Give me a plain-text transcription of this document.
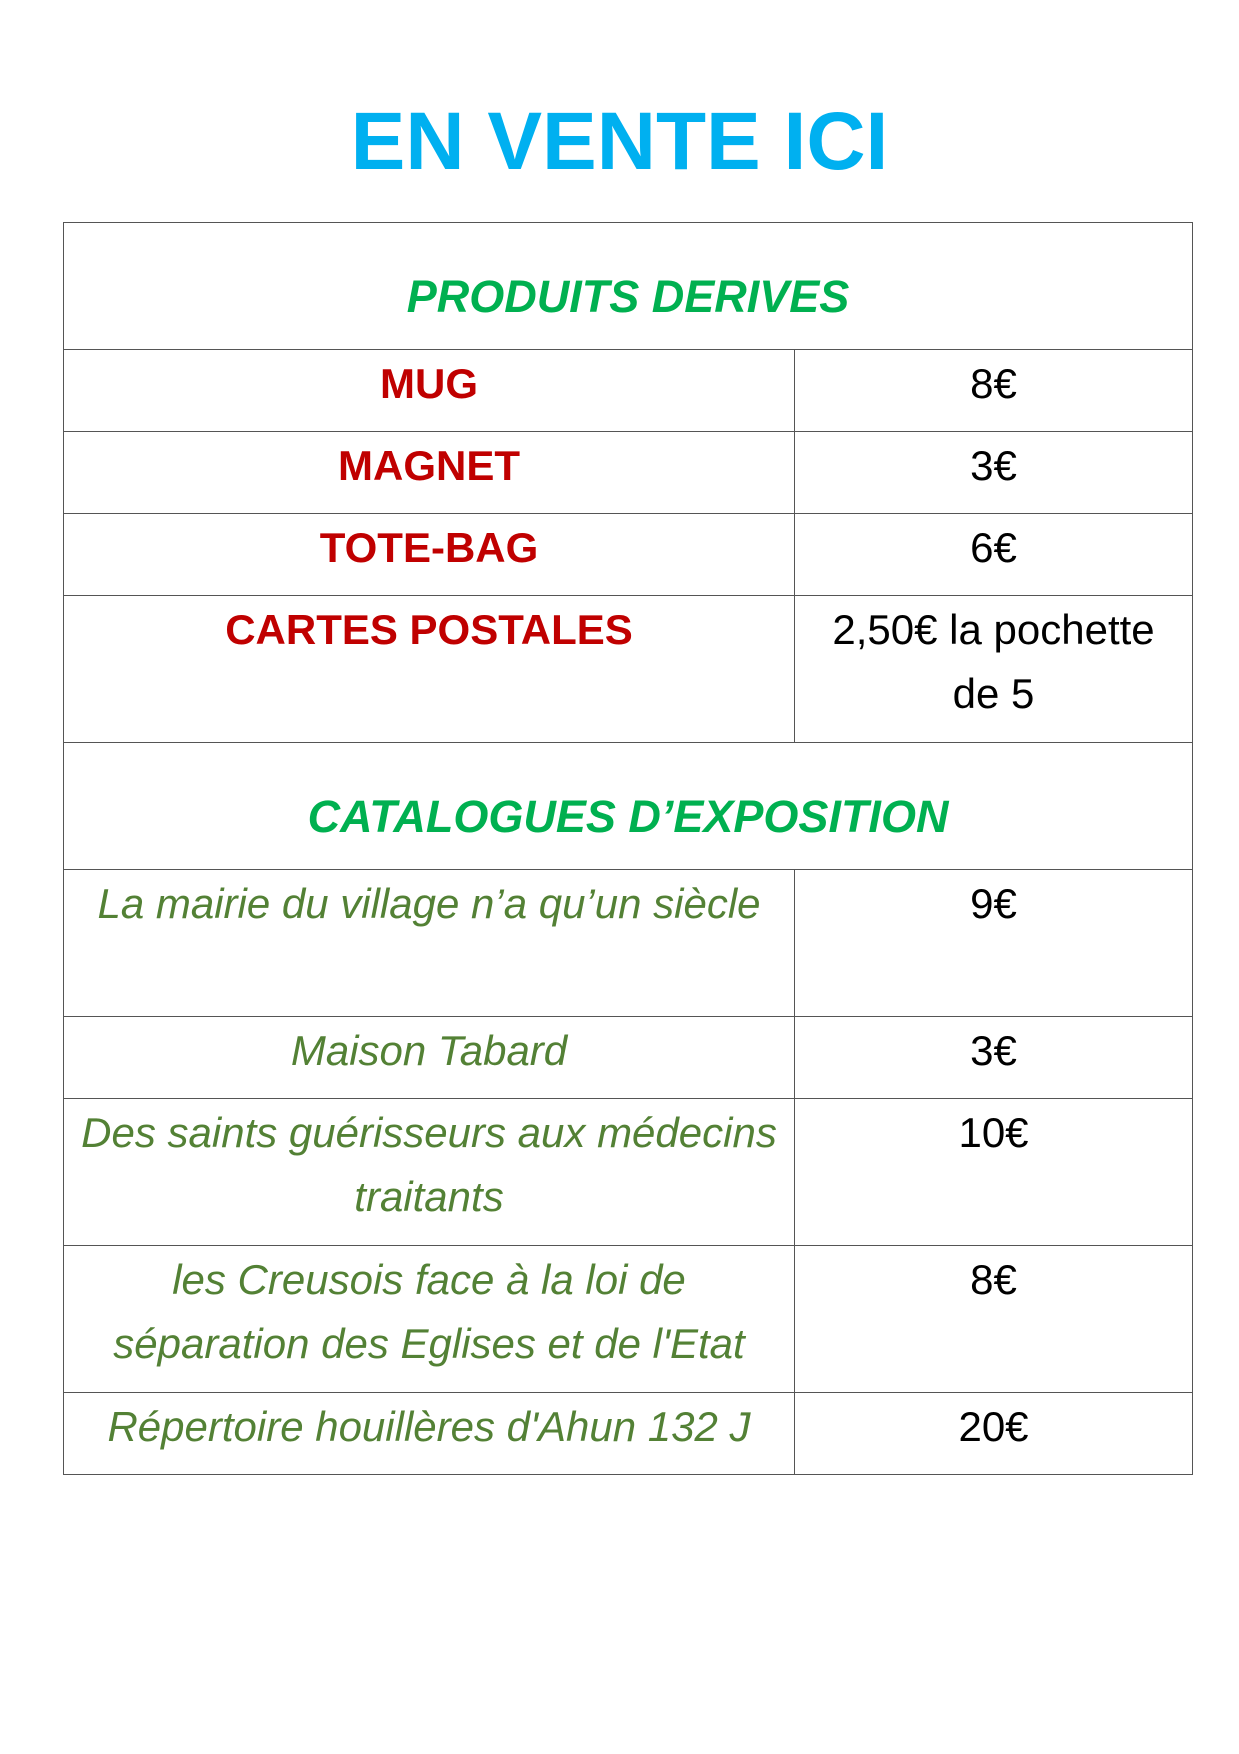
EN VENTE ICI
PRODUITS DERIVES	

MUG	8€

MAGNET	3€

TOTE-BAG	6€

CARTES POSTALES	2,50€ la pochette de 5

CATALOGUES D’EXPOSITION	

La mairie du village n’a qu’un siècle	9€

Maison Tabard	3€

Des saints guérisseurs aux médecins traitants	10€

les Creusois face à la loi de séparation des Eglises et de l'Etat	8€

Répertoire houillères d'Ahun 132 J	20€
